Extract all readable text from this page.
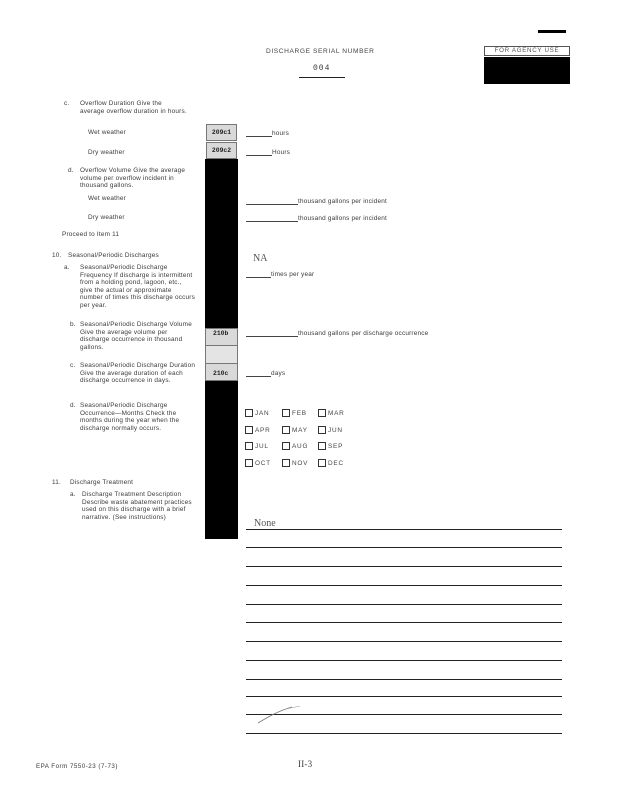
DISCHARGE SERIAL NUMBER
004
FOR AGENCY USE
c. Overflow Duration Give the average overflow duration in hours.
Wet weather	209c1	hours
Dry weather	209c2	Hours
d. Overflow Volume Give the average volume per overflow incident in thousand gallons.
Wet weather	thousand gallons per incident
Dry weather	thousand gallons per incident
Proceed to Item 11
10. Seasonal/Periodic Discharges	NA
a. Seasonal/Periodic Discharge Frequency If discharge is intermittent from a holding pond, lagoon, etc., give the actual or approximate number of times this discharge occurs per year.
times per year
b. Seasonal/Periodic Discharge Volume Give the average volume per discharge occurrence in thousand gallons.
210b	thousand gallons per discharge occurrence
c. Seasonal/Periodic Discharge Duration Give the average duration of each discharge occurrence in days.
210c	days
d. Seasonal/Periodic Discharge Occurrence—Months Check the months during the year when the discharge normally occurs.
JAN	FEB	MAR
APR	MAY	JUN
JUL	AUG	SEP
OCT	NOV	DEC
11. Discharge Treatment
a. Discharge Treatment Description Describe waste abatement practices used on this discharge with a brief narrative. (See instructions)
None
EPA Form 7550-23 (7-73)	II-3
